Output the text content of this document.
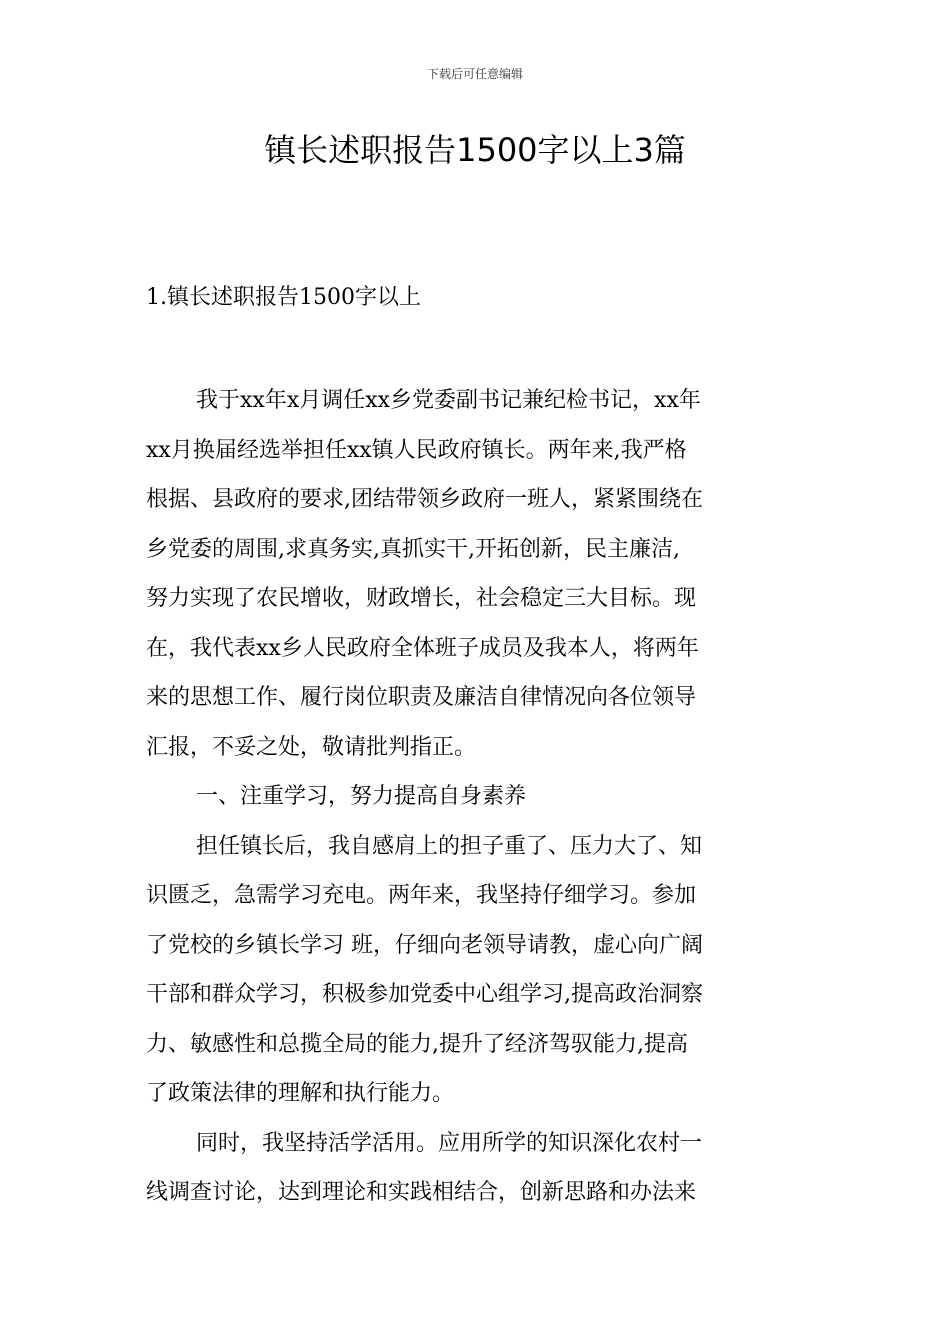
下载后可任意编辑
镇长述职报告1500字以上3篇
1.镇长述职报告1500字以上
我于xx年x月调任xx乡党委副书记兼纪检书记，xx年
xx月换届经选举担任xx镇人民政府镇长。两年来,我严格
根据、县政府的要求,团结带领乡政府一班人，紧紧围绕在
乡党委的周围,求真务实,真抓实干,开拓创新，民主廉洁,
努力实现了农民增收，财政增长，社会稳定三大目标。现
在，我代表xx乡人民政府全体班子成员及我本人，将两年
来的思想工作、履行岗位职责及廉洁自律情况向各位领导
汇报，不妥之处，敬请批判指正。
一、注重学习，努力提高自身素养
担任镇长后，我自感肩上的担子重了、压力大了、知
识匮乏，急需学习充电。两年来，我坚持仔细学习。参加
了党校的乡镇长学习 班，仔细向老领导请教，虚心向广阔
干部和群众学习，积极参加党委中心组学习,提高政治洞察
力、敏感性和总揽全局的能力,提升了经济驾驭能力,提高
了政策法律的理解和执行能力。
同时，我坚持活学活用。应用所学的知识深化农村一
线调查讨论，达到理论和实践相结合，创新思路和办法来
